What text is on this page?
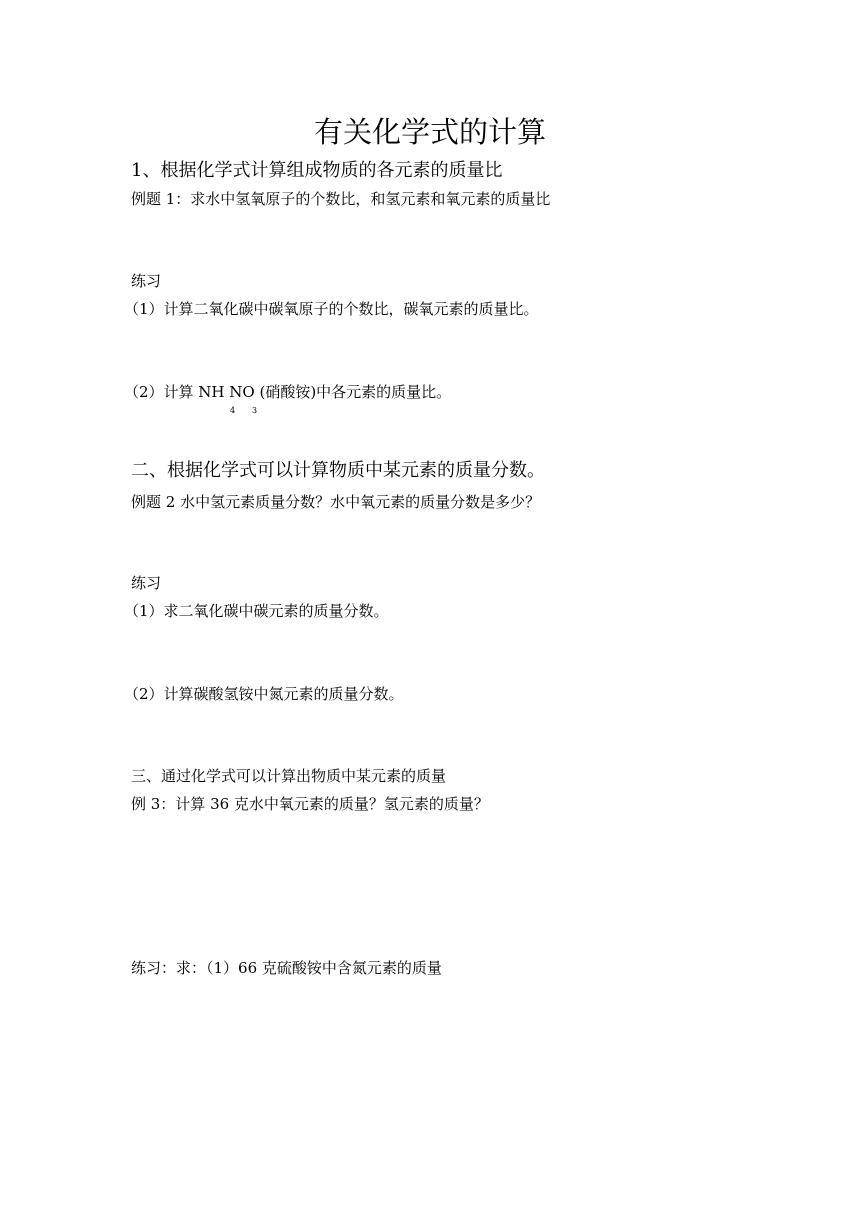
有关化学式的计算
1、根据化学式计算组成物质的各元素的质量比
例题 1：求水中氢氧原子的个数比，和氢元素和氧元素的质量比
练习
（1）计算二氧化碳中碳氧原子的个数比，碳氧元素的质量比。
（2）计算 NH NO (硝酸铵)中各元素的质量比。
4 3
二、根据化学式可以计算物质中某元素的质量分数。
例题 2 水中氢元素质量分数？水中氧元素的质量分数是多少？
练习
（1）求二氧化碳中碳元素的质量分数。
（2）计算碳酸氢铵中氮元素的质量分数。
三、通过化学式可以计算出物质中某元素的质量
例 3：计算 36 克水中氧元素的质量？氢元素的质量？
练习：求：（1）66 克硫酸铵中含氮元素的质量
